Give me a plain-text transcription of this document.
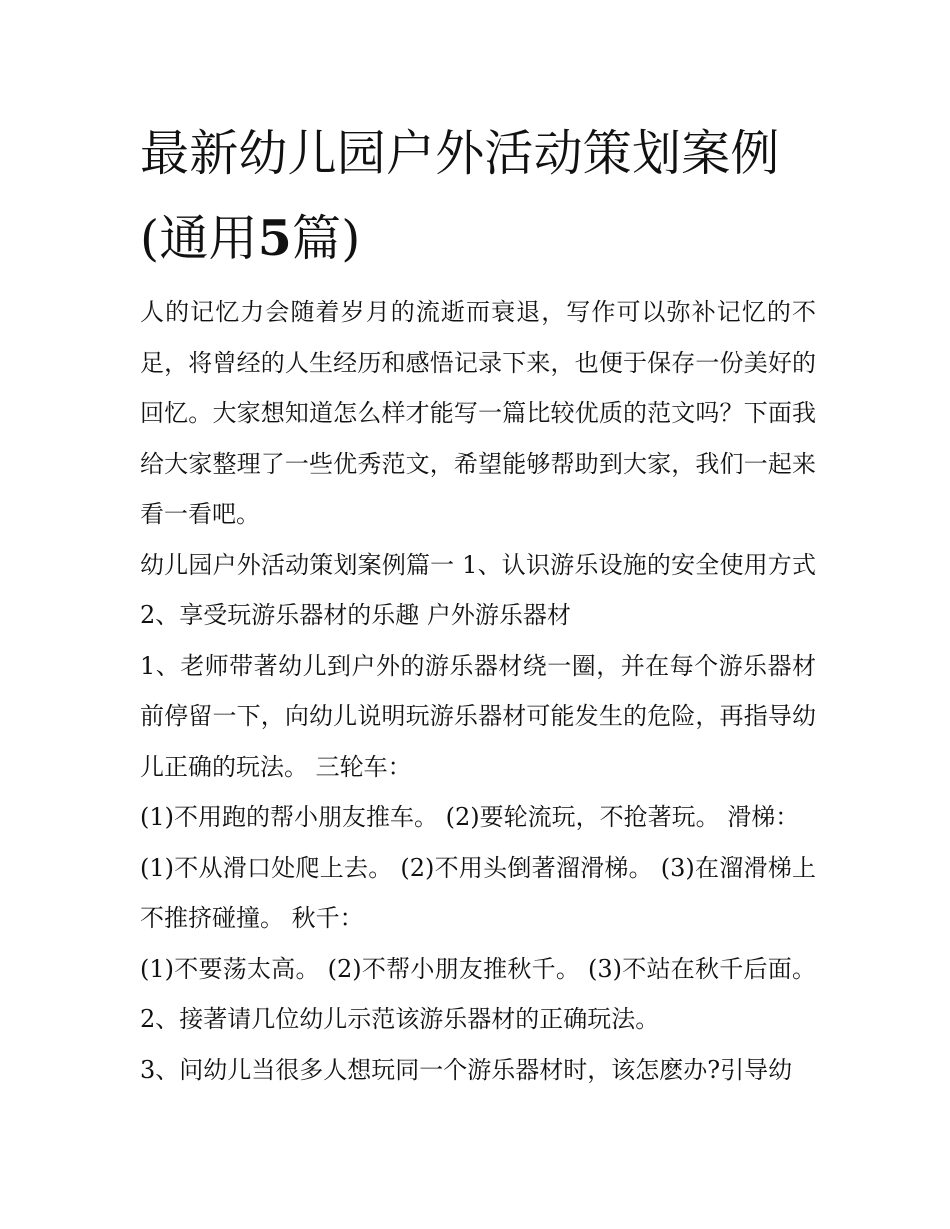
最新幼儿园户外活动策划案例
(通用5篇)

人的记忆力会随着岁月的流逝而衰退，写作可以弥补记忆的不足，将曾经的人生经历和感悟记录下来，也便于保存一份美好的回忆。大家想知道怎么样才能写一篇比较优质的范文吗？下面我给大家整理了一些优秀范文，希望能够帮助到大家，我们一起来看一看吧。

幼儿园户外活动策划案例篇一 1、认识游乐设施的安全使用方式 2、享受玩游乐器材的乐趣 户外游乐器材

1、老师带著幼儿到户外的游乐器材绕一圈，并在每个游乐器材前停留一下，向幼儿说明玩游乐器材可能发生的危险，再指导幼儿正确的玩法。 三轮车：

(1)不用跑的帮小朋友推车。 (2)要轮流玩，不抢著玩。 滑梯：

(1)不从滑口处爬上去。 (2)不用头倒著溜滑梯。 (3)在溜滑梯上不推挤碰撞。 秋千：

(1)不要荡太高。 (2)不帮小朋友推秋千。 (3)不站在秋千后面。 2、接著请几位幼儿示范该游乐器材的正确玩法。

3、问幼儿当很多人想玩同一个游乐器材时，该怎麽办?引导幼
